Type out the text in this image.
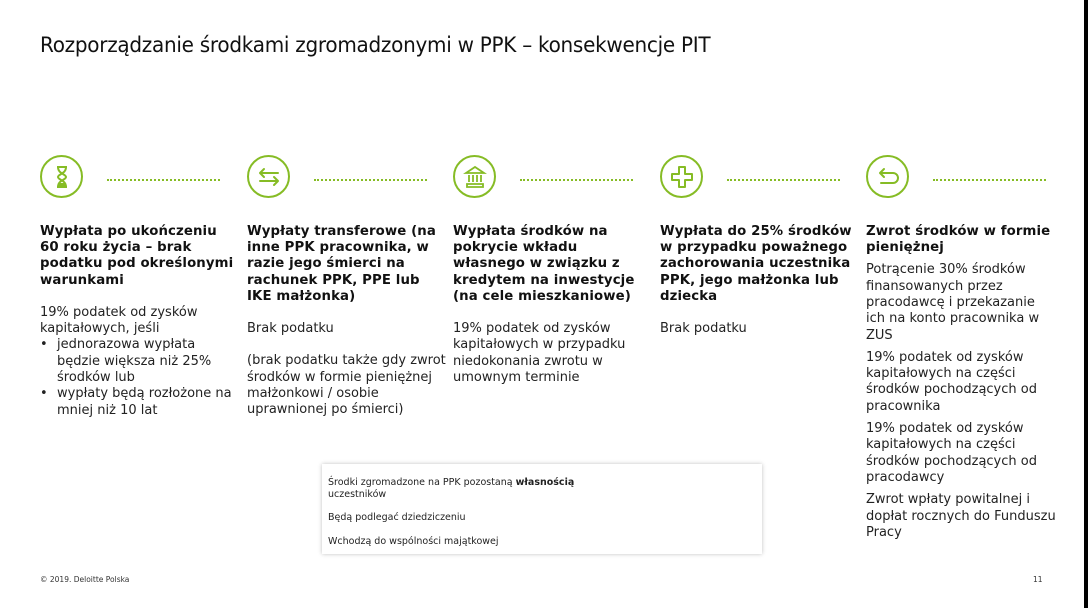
Rozporządzanie środkami zgromadzonymi w PPK – konsekwencje PIT
Wypłata po ukończeniu 60 roku życia – brak podatku pod określonymi warunkami
19% podatek od zysków kapitałowych, jeśli
• jednorazowa wypłata będzie większa niż 25% środków lub
• wypłaty będą rozłożone na mniej niż 10 lat
Wypłaty transferowe (na inne PPK pracownika, w razie jego śmierci na rachunek PPK, PPE lub IKE małżonka)
Brak podatku
(brak podatku także gdy zwrot środków w formie pieniężnej małżonkowi / osobie uprawnionej po śmierci)
Wypłata środków na pokrycie wkładu własnego w związku z kredytem na inwestycje (na cele mieszkaniowe)
19% podatek od zysków kapitałowych w przypadku niedokonania zwrotu w umownym terminie
Wypłata do 25% środków w przypadku poważnego zachorowania uczestnika PPK, jego małżonka lub dziecka
Brak podatku
Zwrot środków w formie pieniężnej
Potrącenie 30% środków finansowanych przez pracodawcę i przekazanie ich na konto pracownika w ZUS
19% podatek od zysków kapitałowych na części środków pochodzących od pracownika
19% podatek od zysków kapitałowych na części środków pochodzących od pracodawcy
Zwrot wpłaty powitalnej i dopłat rocznych do Funduszu Pracy
Środki zgromadzone na PPK pozostaną własnością
uczestników
Będą podlegać dziedziczeniu
Wchodzą do wspólności majątkowej
© 2019. Deloitte Polska	11
